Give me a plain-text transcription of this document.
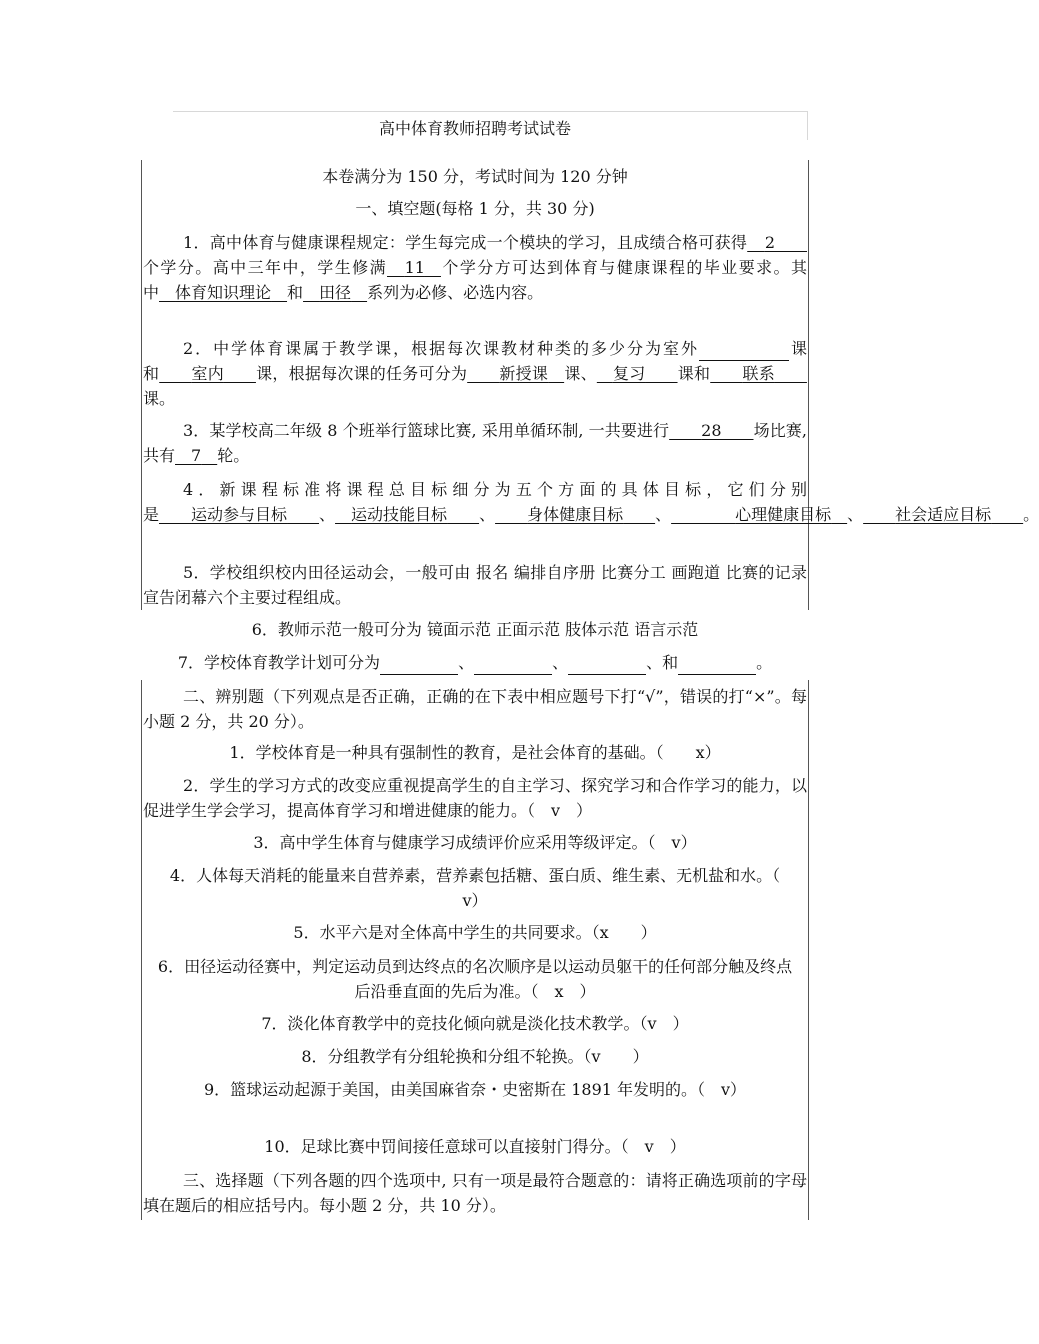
高中体育教师招聘考试试卷
本卷满分为 150 分，考试时间为 120 分钟
一、填空题(每格 1 分，共 30 分)
1．高中体育与健康课程规定：学生每完成一个模块的学习，且成绩合格可获得   2  个学分。高中三年中，学生修满   11  个学分方可达到体育与健康课程的毕业要求。其中  体育知识理论  和  田径  系列为必修、必选内容。
2．中学体育课属于教学课，根据每次课教材种类的多少分为室外	课和   室内   课，根据每次课的任务可分为   新授课  课、  复习   课和   联系  课。
3．某学校高二年级 8 个班举行篮球比赛, 采用单循环制, 一共要进行   28   场比赛, 共有  7  轮。
4．新课程标准将课程总目标细分为五个方面的具体目标，它们分别是   运动参与目标   、  运动技能目标   、   身体健康目标   、    	心理健康目标  、   社会适应目标   。
5．学校组织校内田径运动会，一般可由 报名 编排自序册 比赛分工 画跑道 比赛的记录 宣告闭幕六个主要过程组成。
6．教师示范一般可分为 镜面示范 正面示范 肢体示范 语言示范
7．学校体育教学计划可分为	、	、	、和	。
二、辨别题（下列观点是否正确，正确的在下表中相应题号下打“√”，错误的打“×”。每小题 2 分，共 20 分）。
1．学校体育是一种具有强制性的教育，是社会体育的基础。（　　x）
2．学生的学习方式的改变应重视提高学生的自主学习、探究学习和合作学习的能力，以促进学生学会学习，提高体育学习和增进健康的能力。（　v　）
3．高中学生体育与健康学习成绩评价应采用等级评定。（　v）
4．人体每天消耗的能量来自营养素，营养素包括糖、蛋白质、维生素、无机盐和水。（　v）
5．水平六是对全体高中学生的共同要求。（x　　）
6．田径运动径赛中，判定运动员到达终点的名次顺序是以运动员躯干的任何部分触及终点后沿垂直面的先后为准。（　x　）
7．淡化体育教学中的竞技化倾向就是淡化技术教学。（v　）
8．分组教学有分组轮换和分组不轮换。（v　　）
9．篮球运动起源于美国，由美国麻省奈・史密斯在 1891 年发明的。（　v）
10．足球比赛中罚间接任意球可以直接射门得分。（　v　）
三、选择题（下列各题的四个选项中, 只有一项是最符合题意的：请将正确选项前的字母填在题后的相应括号内。每小题 2 分，共 10 分）。
